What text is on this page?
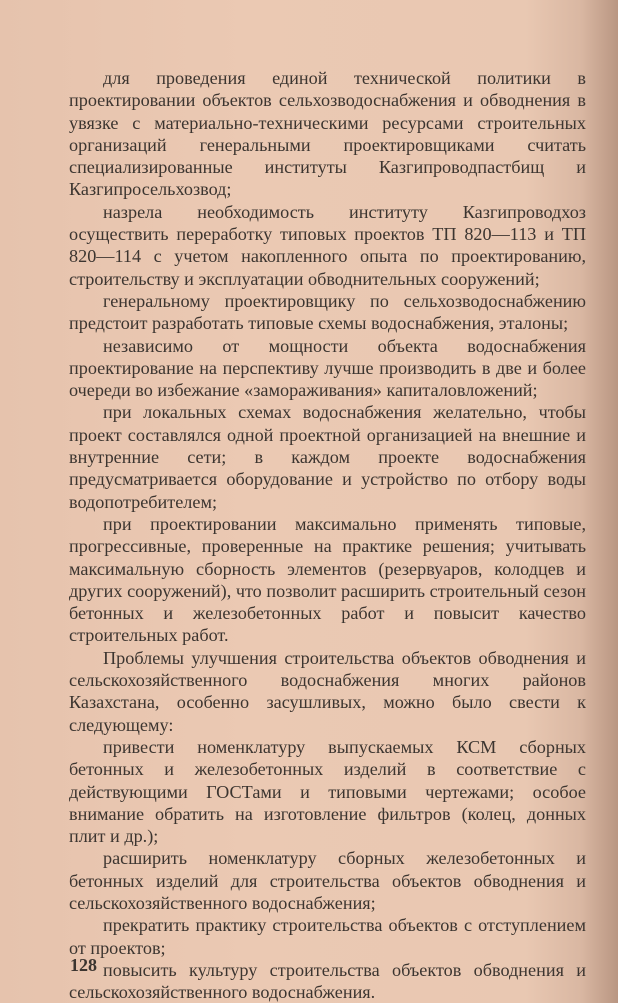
для проведения единой технической политики в проектировании объектов сельхозводоснабжения и обводнения в увязке с материально-техническими ресурсами строительных организаций генеральными проектировщиками считать специализированные институты Казгипроводпастбищ и Казгипросельхозвод;

назрела необходимость институту Казгипроводхоз осуществить переработку типовых проектов ТП 820—113 и ТП 820—114 с учетом накопленного опыта по проектированию, строительству и эксплуатации обводнительных сооружений;

генеральному проектировщику по сельхозводоснабжению предстоит разработать типовые схемы водоснабжения, эталоны;

независимо от мощности объекта водоснабжения проектирование на перспективу лучше производить в две и более очереди во избежание «замораживания» капиталовложений;

при локальных схемах водоснабжения желательно, чтобы проект составлялся одной проектной организацией на внешние и внутренние сети; в каждом проекте водоснабжения предусматривается оборудование и устройство по отбору воды водопотребителем;

при проектировании максимально применять типовые, прогрессивные, проверенные на практике решения; учитывать максимальную сборность элементов (резервуаров, колодцев и других сооружений), что позволит расширить строительный сезон бетонных и железобетонных работ и повысит качество строительных работ.

Проблемы улучшения строительства объектов обводнения и сельскохозяйственного водоснабжения многих районов Казахстана, особенно засушливых, можно было свести к следующему:

привести номенклатуру выпускаемых КСМ сборных бетонных и железобетонных изделий в соответствие с действующими ГОСТами и типовыми чертежами; особое внимание обратить на изготовление фильтров (колец, донных плит и др.);

расширить номенклатуру сборных железобетонных и бетонных изделий для строительства объектов обводнения и сельскохозяйственного водоснабжения;

прекратить практику строительства объектов с отступлением от проектов;

повысить культуру строительства объектов обводнения и сельскохозяйственного водоснабжения.

128
